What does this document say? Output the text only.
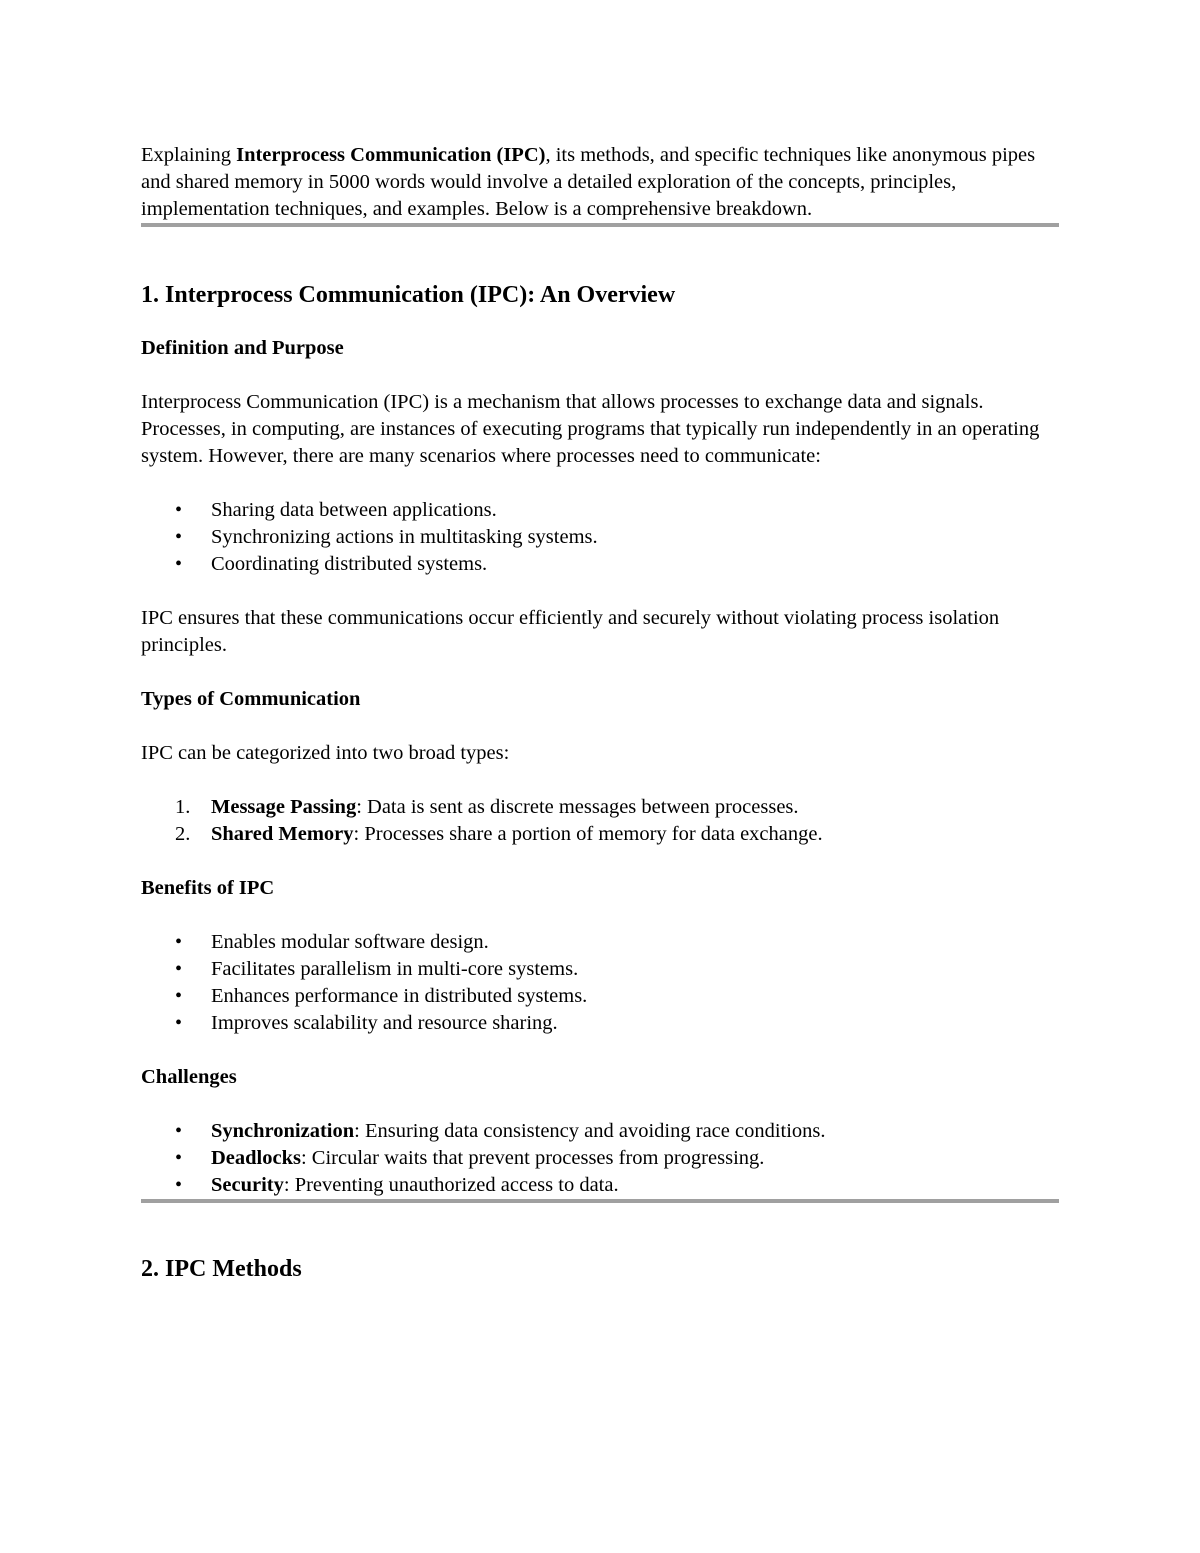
Explaining Interprocess Communication (IPC), its methods, and specific techniques like anonymous pipes and shared memory in 5000 words would involve a detailed exploration of the concepts, principles, implementation techniques, and examples. Below is a comprehensive breakdown.

1. Interprocess Communication (IPC): An Overview
Definition and Purpose

Interprocess Communication (IPC) is a mechanism that allows processes to exchange data and signals. Processes, in computing, are instances of executing programs that typically run independently in an operating system. However, there are many scenarios where processes need to communicate:

• Sharing data between applications.
• Synchronizing actions in multitasking systems.
• Coordinating distributed systems.

IPC ensures that these communications occur efficiently and securely without violating process isolation principles.

Types of Communication

IPC can be categorized into two broad types:

1. Message Passing: Data is sent as discrete messages between processes.
2. Shared Memory: Processes share a portion of memory for data exchange.
Benefits of IPC
• Enables modular software design.
• Facilitates parallelism in multi-core systems.
• Enhances performance in distributed systems.
• Improves scalability and resource sharing.
Challenges
• Synchronization: Ensuring data consistency and avoiding race conditions.
• Deadlocks: Circular waits that prevent processes from progressing.
• Security: Preventing unauthorized access to data.
2. IPC Methods
